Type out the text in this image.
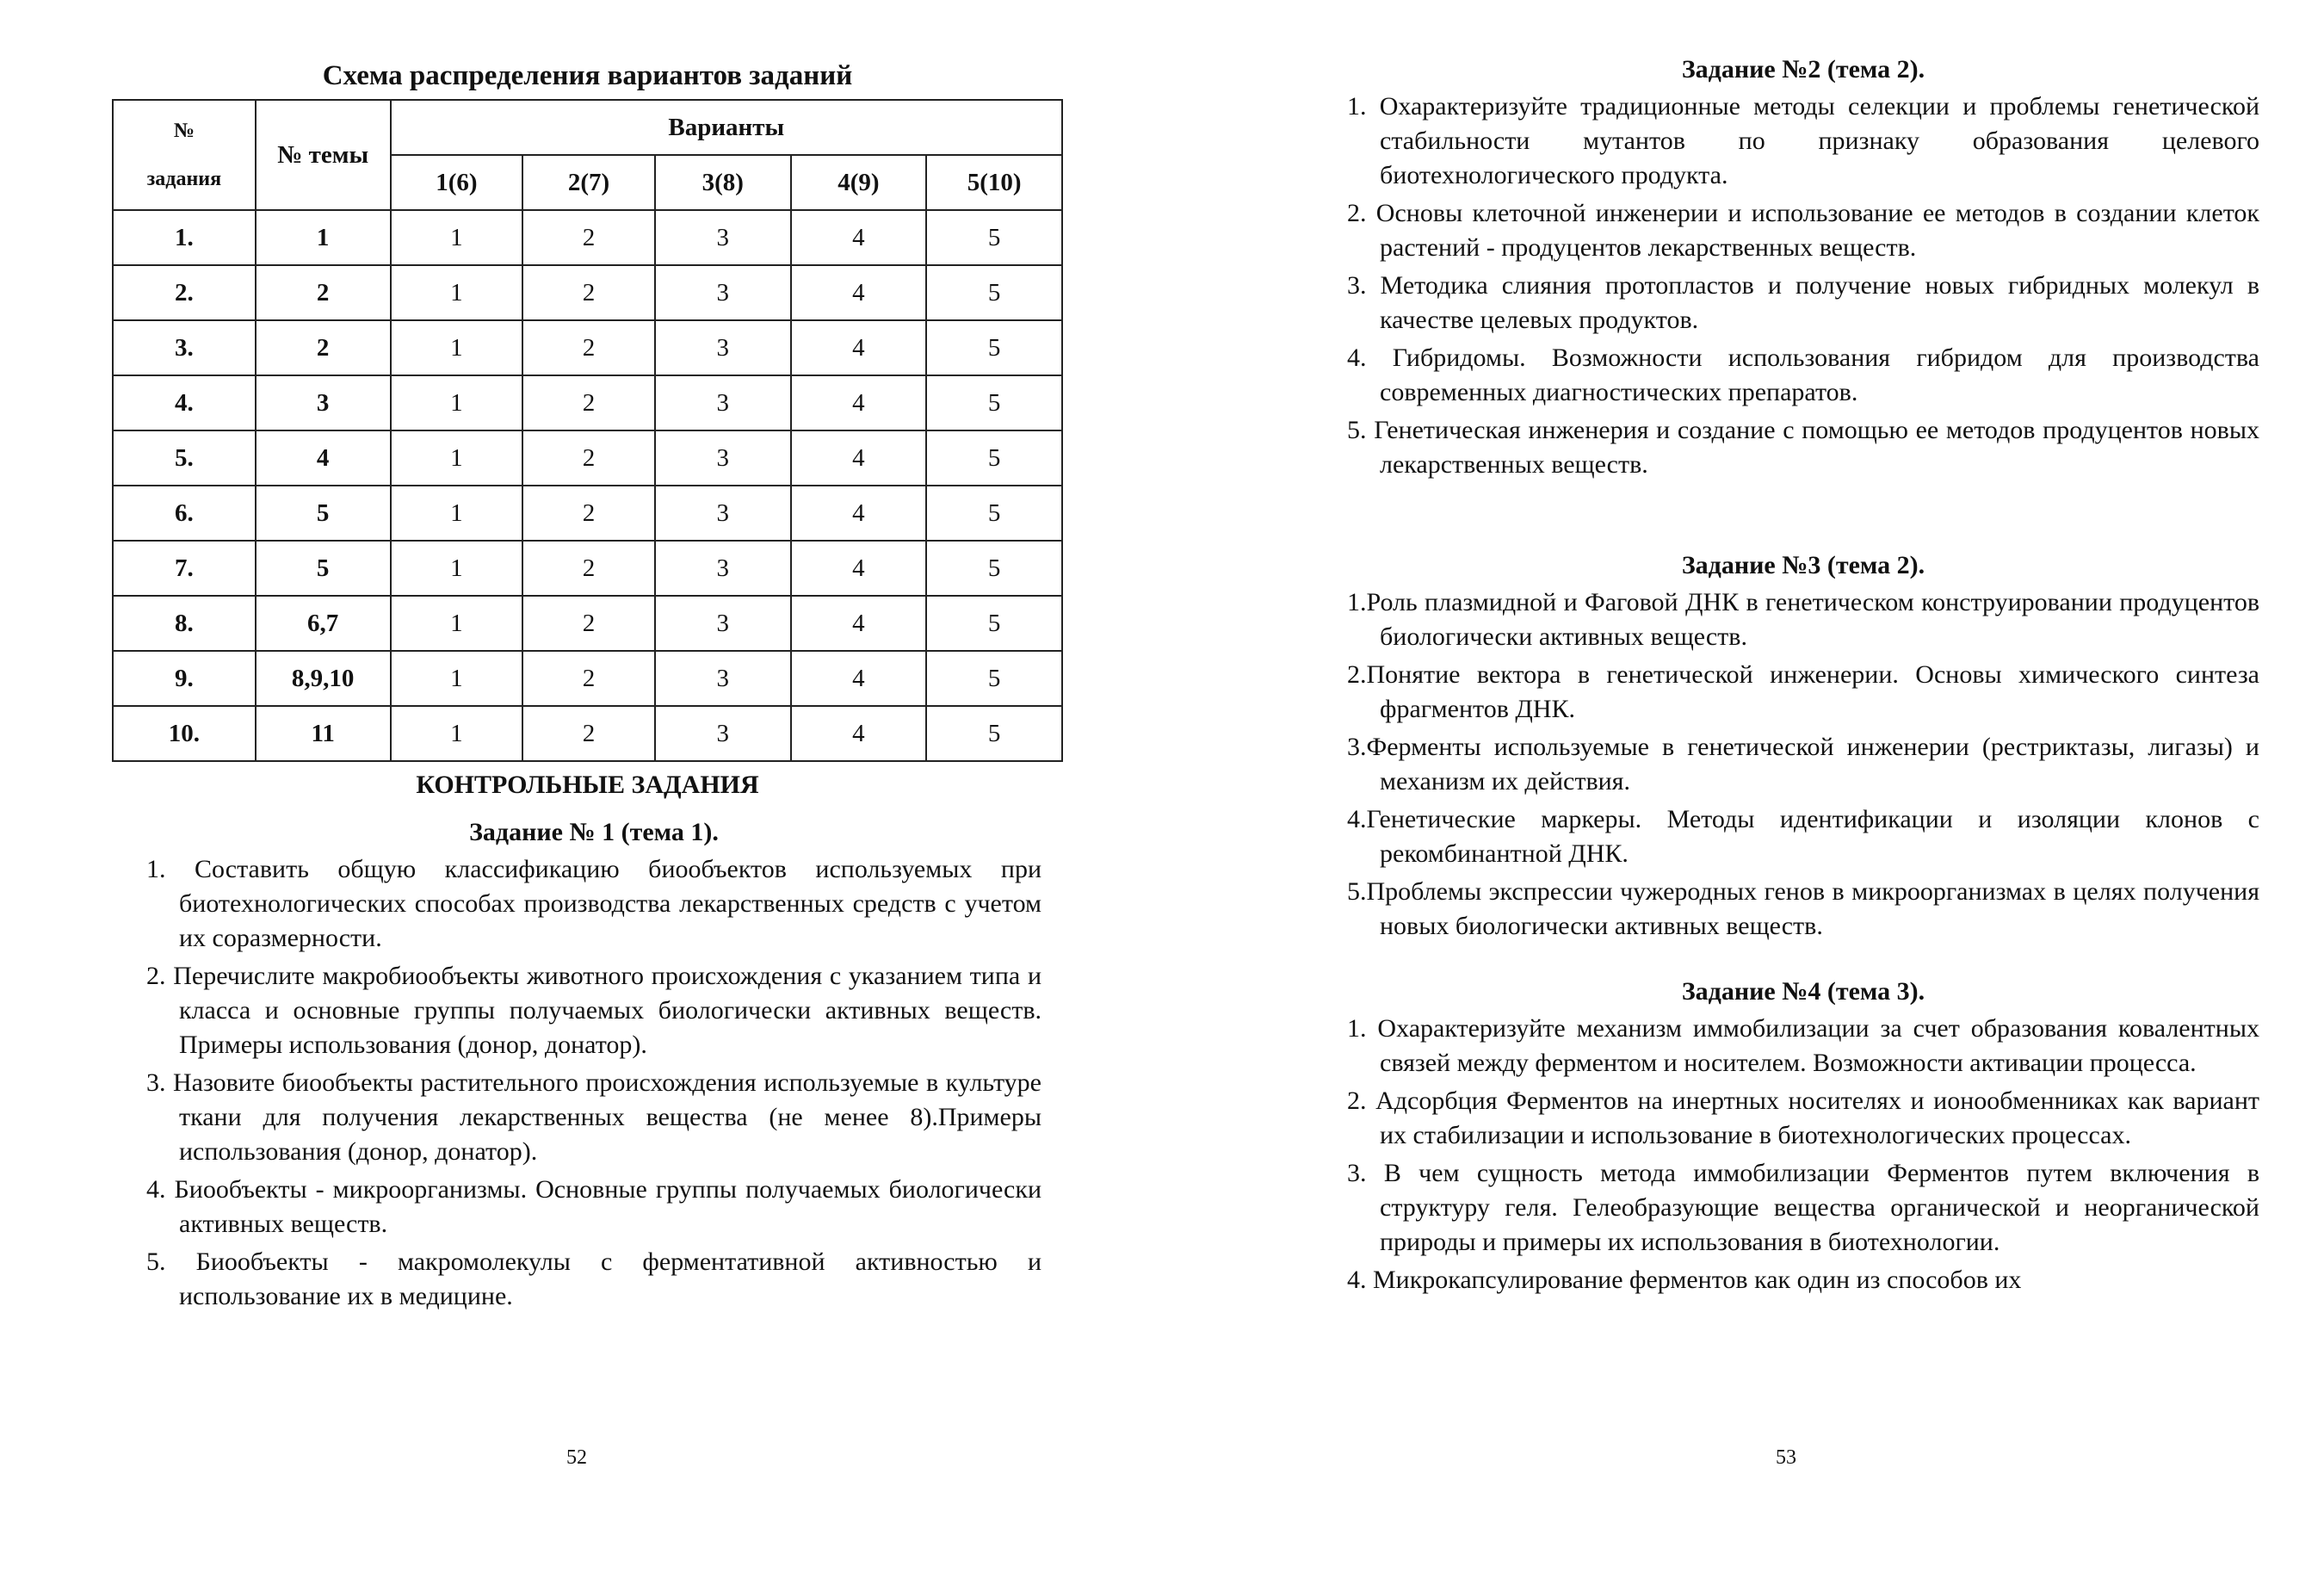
Схема распределения вариантов заданий
№
задания	№ темы	Варианты				
		1(6)	2(7)	3(8)	4(9)	5(10)
1.	1	1	2	3	4	5
2.	2	1	2	3	4	5
3.	2	1	2	3	4	5
4.	3	1	2	3	4	5
5.	4	1	2	3	4	5
6.	5	1	2	3	4	5
7.	5	1	2	3	4	5
8.	6,7	1	2	3	4	5
9.	8,9,10	1	2	3	4	5
10.	11	1	2	3	4	5
КОНТРОЛЬНЫЕ ЗАДАНИЯ
Задание № 1 (тема 1).
1. Составить общую классификацию биообъектов используемых при биотехнологических способах производства лекарственных средств с учетом их соразмерности.
2. Перечислите макробиообъекты животного происхождения с указанием типа и класса и основные группы получаемых биологически активных веществ. Примеры использования (донор, донатор).
3. Назовите биообъекты растительного происхождения используемые в культуре ткани для получения лекарственных вещества (не менее 8).Примеры использования (донор, донатор).
4. Биообъекты - микроорганизмы. Основные группы получаемых биологически активных веществ.
5. Биообъекты - макромолекулы с ферментативной активностью и использование их в медицине.
52
Задание №2 (тема 2).
1. Охарактеризуйте традиционные методы селекции и проблемы генетической стабильности мутантов по признаку образования целевого биотехнологического продукта.
2. Основы клеточной инженерии и использование ее методов в создании клеток растений - продуцентов лекарственных веществ.
3. Методика слияния протопластов и получение новых гибридных молекул в качестве целевых продуктов.
4. Гибридомы. Возможности использования гибридом для производства современных диагностических препаратов.
5. Генетическая инженерия и создание с помощью ее методов продуцентов новых лекарственных веществ.
Задание №3 (тема 2).
1.Роль плазмидной и Фаговой ДНК в генетическом конструировании продуцентов биологически активных веществ.
2.Понятие вектора в генетической инженерии. Основы химического синтеза фрагментов ДНК.
3.Ферменты используемые в генетической инженерии (рестриктазы, лигазы) и механизм их действия.
4.Генетические маркеры. Методы идентификации и изоляции клонов с рекомбинантной ДНК.
5.Проблемы экспрессии чужеродных генов в микроорганизмах в целях получения новых биологически активных веществ.
Задание №4 (тема 3).
1. Охарактеризуйте механизм иммобилизации за счет образования ковалентных связей между ферментом и носителем. Возможности активации процесса.
2. Адсорбция Ферментов на инертных носителях и ионообменниках как вариант их стабилизации и использование в биотехнологических процессах.
3. В чем сущность метода иммобилизации Ферментов путем включения в структуру геля. Гелеобразующие вещества органической и неорганической природы и примеры их использования в биотехнологии.
4. Микрокапсулирование ферментов как один из способов их
53
